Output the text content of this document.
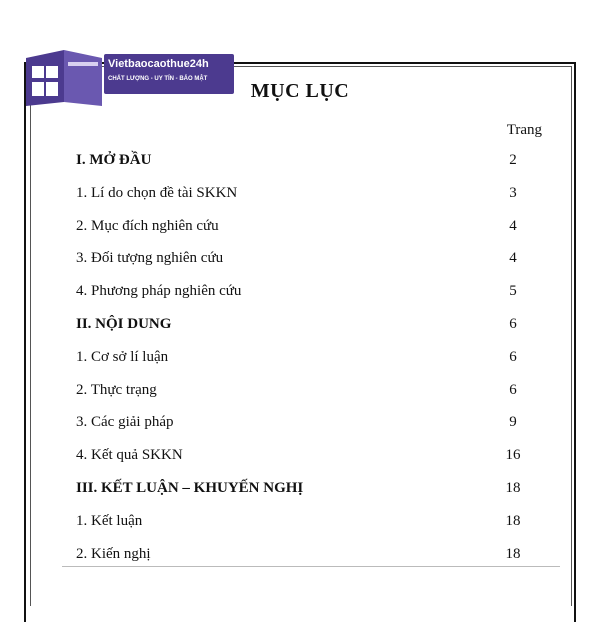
Vietbaocaothue24h
CHẤT LƯỢNG - UY TÍN - BẢO MẬT
MỤC LỤC
Trang
I. MỞ ĐẦU	2
1. Lí do chọn đề tài SKKN	3
2. Mục đích nghiên cứu	4
3. Đối tượng nghiên cứu	4
4. Phương pháp nghiên cứu	5
II. NỘI DUNG	6
1. Cơ sở lí luận	6
2. Thực trạng	6
3. Các giải pháp	9
4. Kết quả SKKN	16
III. KẾT LUẬN – KHUYẾN NGHỊ	18
1. Kết luận	18
2. Kiến nghị	18
